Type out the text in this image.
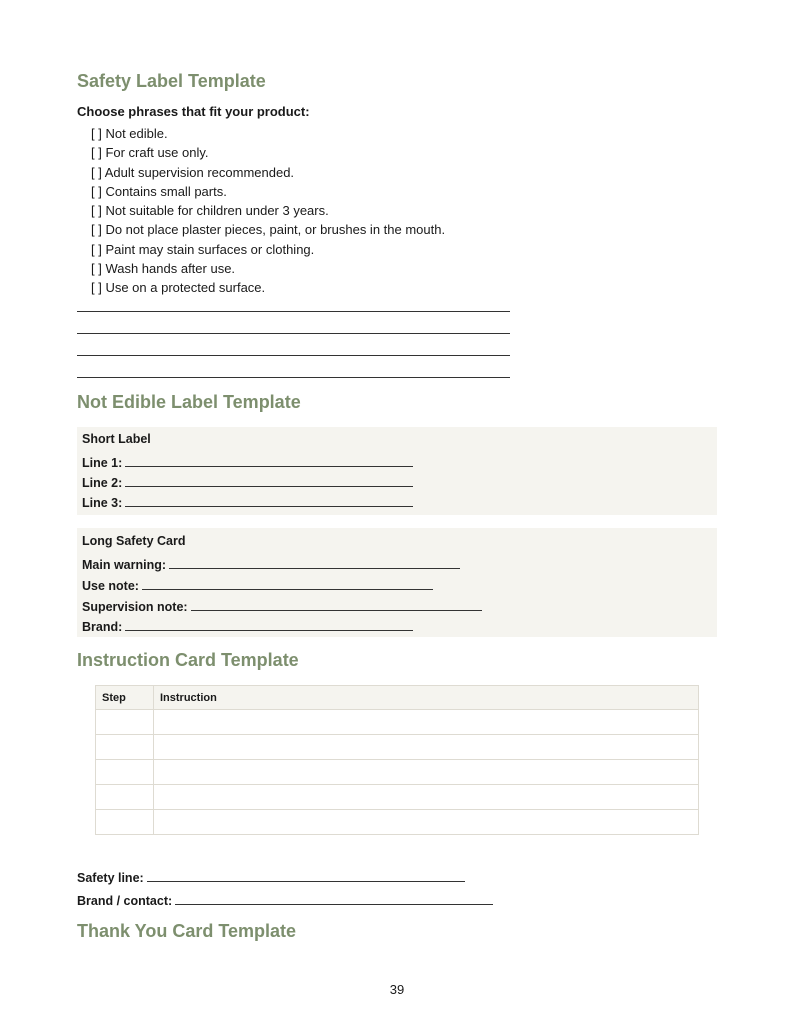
Safety Label Template
Choose phrases that fit your product:
[ ] Not edible.
[ ] For craft use only.
[ ] Adult supervision recommended.
[ ] Contains small parts.
[ ] Not suitable for children under 3 years.
[ ] Do not place plaster pieces, paint, or brushes in the mouth.
[ ] Paint may stain surfaces or clothing.
[ ] Wash hands after use.
[ ] Use on a protected surface.
Not Edible Label Template
Short Label
Line 1:
Line 2:
Line 3:
Long Safety Card
Main warning:
Use note:
Supervision note:
Brand:
Instruction Card Template
Step	Instruction

Safety line:
Brand / contact:
Thank You Card Template
39
